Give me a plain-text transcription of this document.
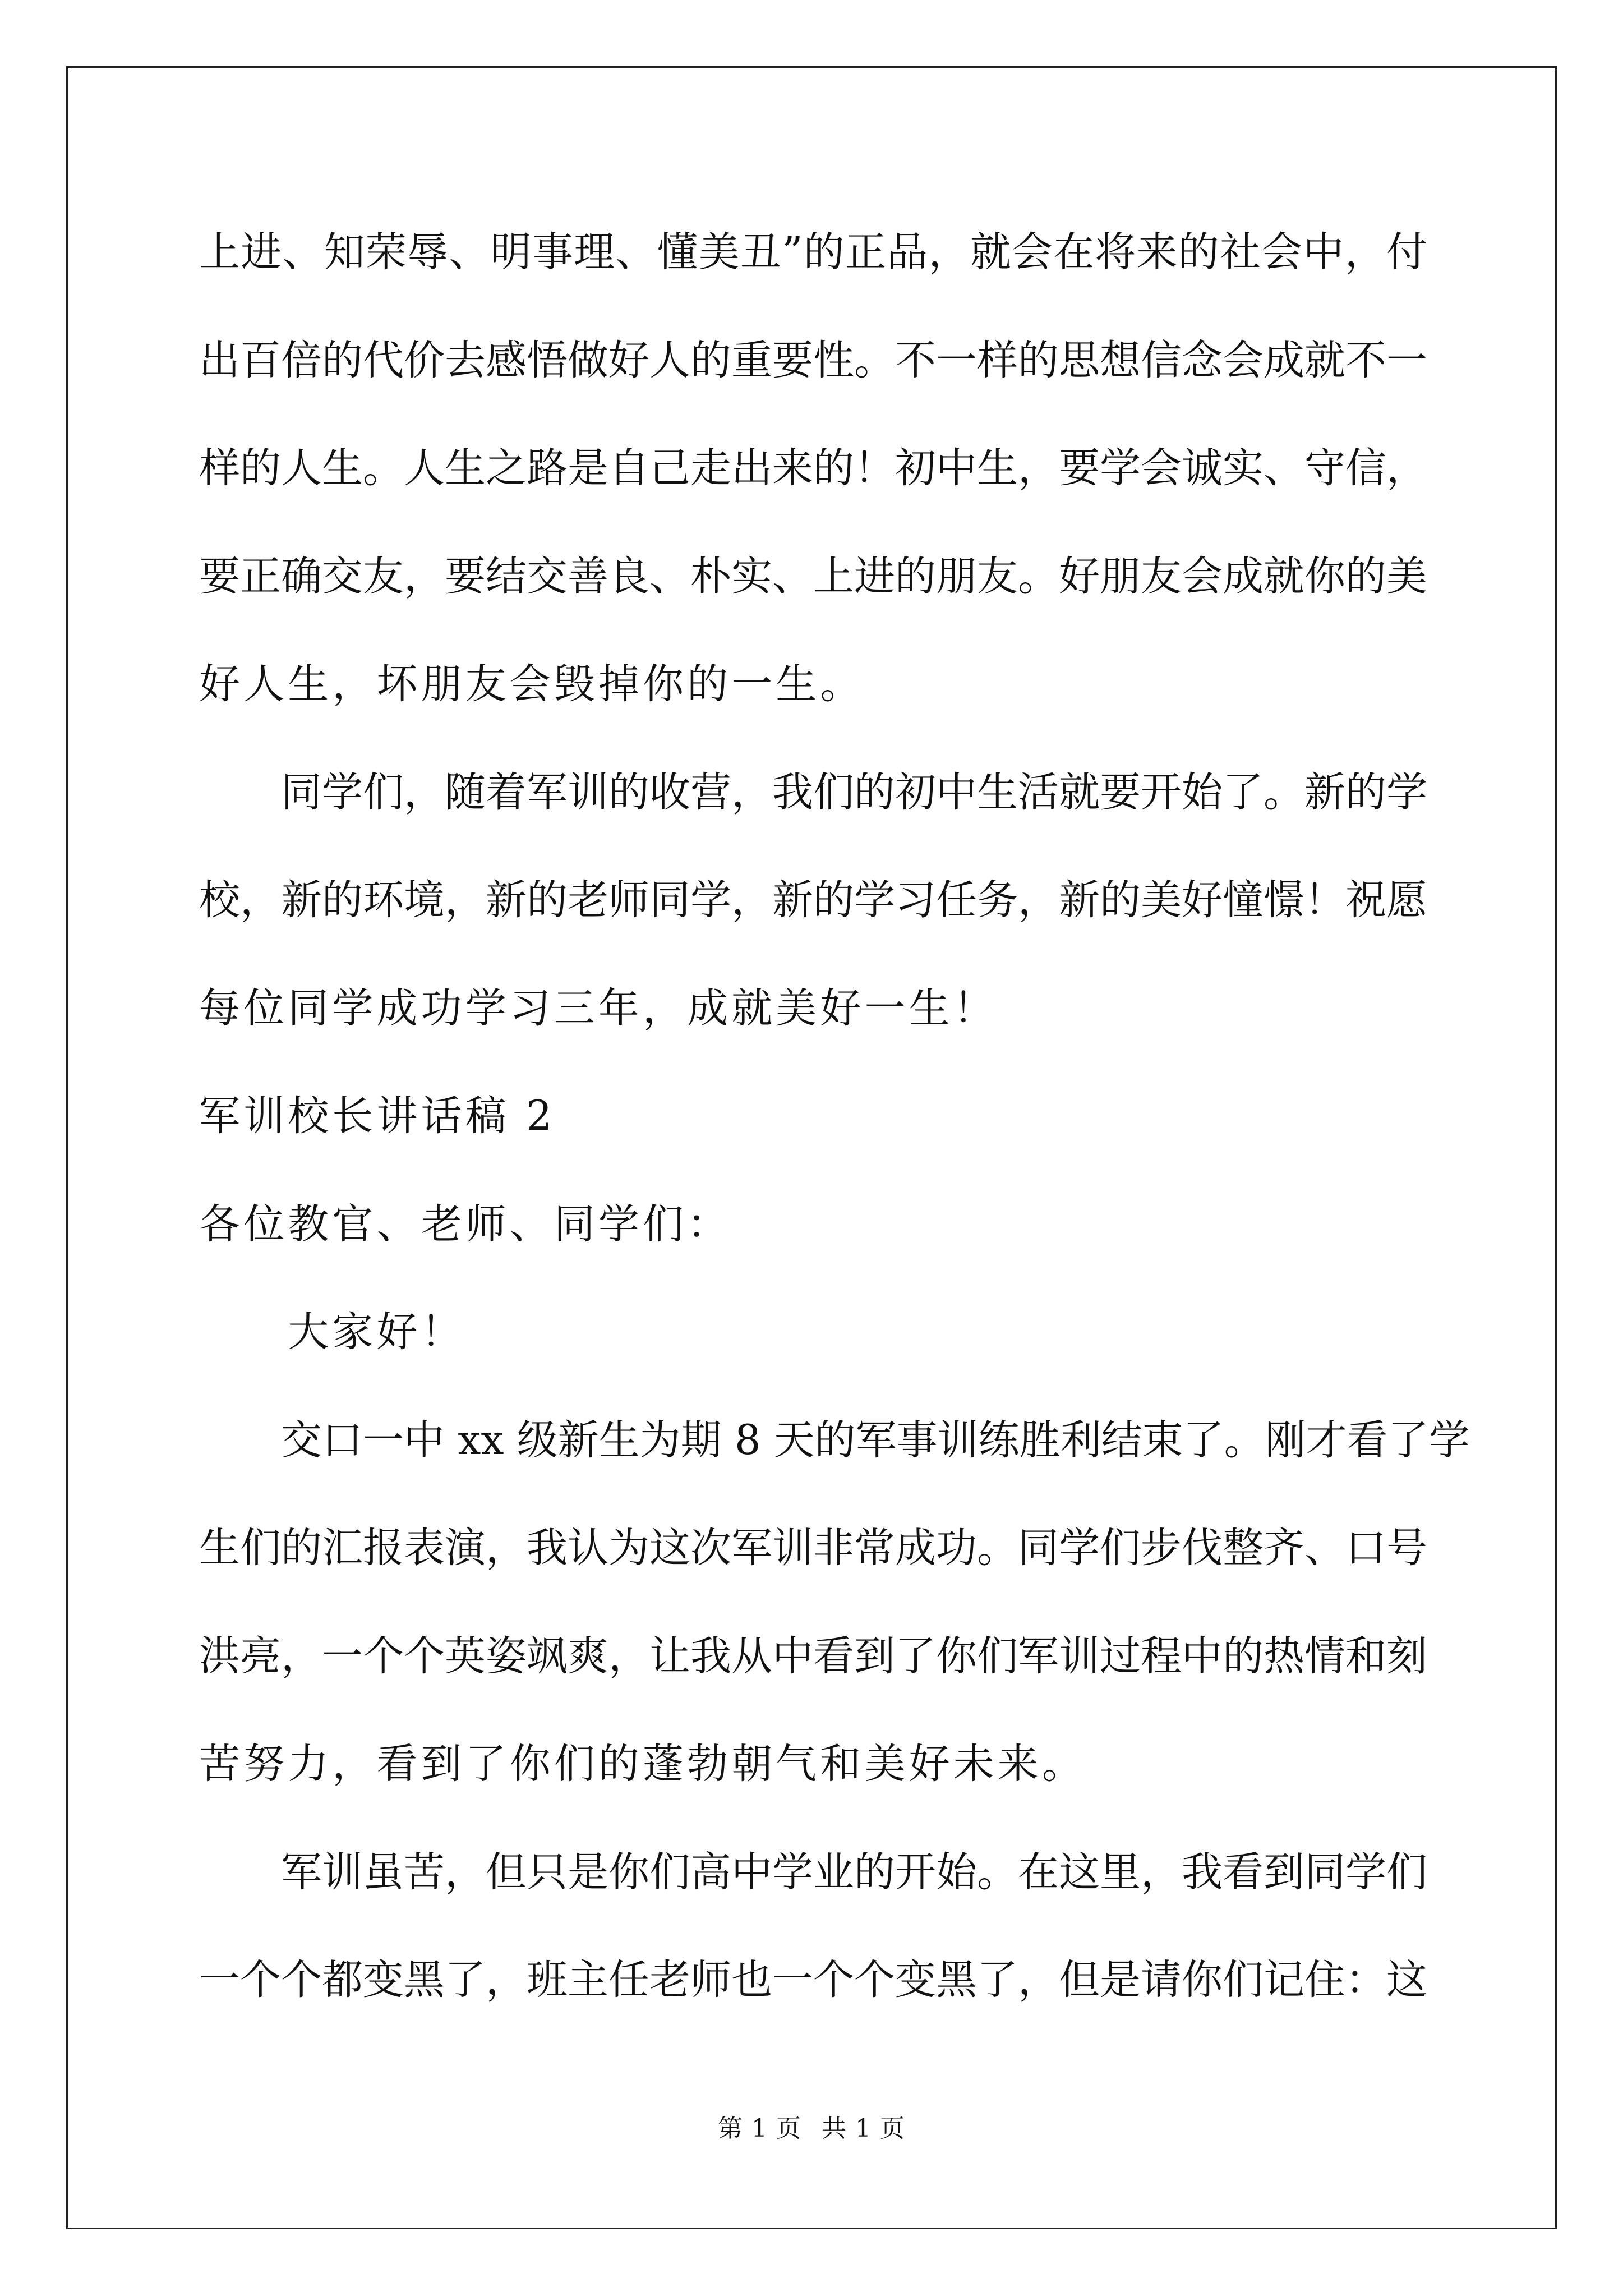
上进、知荣辱、明事理、懂美丑”的正品，就会在将来的社会中，付
出百倍的代价去感悟做好人的重要性。不一样的思想信念会成就不一
样的人生。人生之路是自己走出来的！初中生，要学会诚实、守信，
要正确交友，要结交善良、朴实、上进的朋友。好朋友会成就你的美
好人生，坏朋友会毁掉你的一生。
　　同学们，随着军训的收营，我们的初中生活就要开始了。新的学
校，新的环境，新的老师同学，新的学习任务，新的美好憧憬！祝愿
每位同学成功学习三年，成就美好一生！
军训校长讲话稿 2
各位教官、老师、同学们：
　　大家好！
　　交口一中 xx 级新生为期 8 天的军事训练胜利结束了。刚才看了学
生们的汇报表演，我认为这次军训非常成功。同学们步伐整齐、口号
洪亮，一个个英姿飒爽，让我从中看到了你们军训过程中的热情和刻
苦努力，看到了你们的蓬勃朝气和美好未来。
　　军训虽苦，但只是你们高中学业的开始。在这里，我看到同学们
一个个都变黑了，班主任老师也一个个变黑了，但是请你们记住：这
第 1 页 共 1 页
